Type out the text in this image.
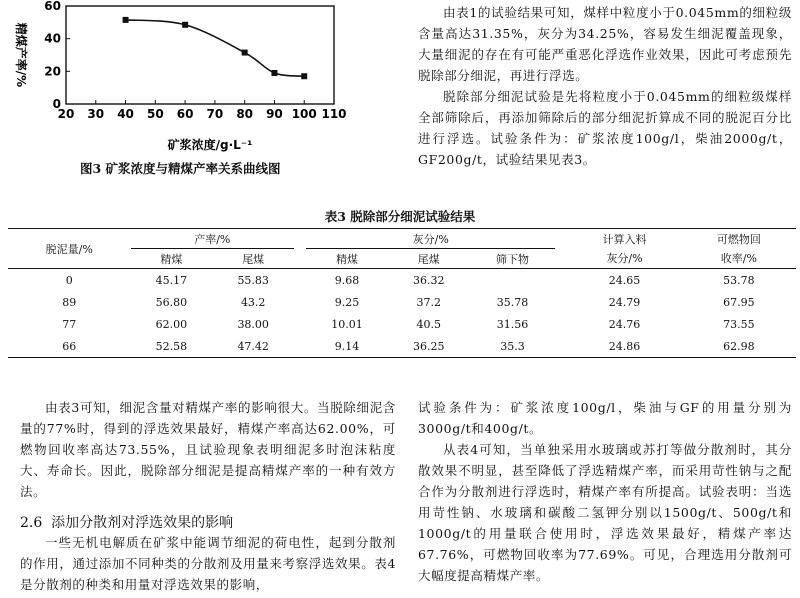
20 30 40 50 60 70 80 90 100 110
0
20
40
60
精煤产率/%
矿浆浓度/g·L⁻¹
图3 矿浆浓度与精煤产率关系曲线图
由表1的试验结果可知，煤样中粒度小于0.045mm的细粒级含量高达31.35%，灰分为34.25%，容易发生细泥覆盖现象，大量细泥的存在有可能严重恶化浮选作业效果，因此可考虑预先脱除部分细泥，再进行浮选。
脱除部分细泥试验是先将粒度小于0.045mm的细粒级煤样全部筛除后，再添加筛除后的部分细泥折算成不同的脱泥百分比进行浮选。试验条件为：矿浆浓度100g/l，柴油2000g/t，GF200g/t，试验结果见表3。
表3 脱除部分细泥试验结果
脱泥量/%	产率/%			灰分/%				计算入料	可燃物回
	精煤	尾煤		精煤	尾煤	筛下物		灰分/%	收率/%
0	45.17	55.83		9.68	36.32			24.65	53.78
89	56.80	43.2		9.25	37.2	35.78		24.79	67.95
77	62.00	38.00		10.01	40.5	31.56		24.76	73.55
66	52.58	47.42		9.14	36.25	35.3		24.86	62.98
由表3可知，细泥含量对精煤产率的影响很大。当脱除细泥含量的77%时，得到的浮选效果最好，精煤产率高达62.00%，可燃物回收率高达73.55%，且试验现象表明细泥多时泡沫粘度大、寿命长。因此，脱除部分细泥是提高精煤产率的一种有效方法。
2.6 添加分散剂对浮选效果的影响
一些无机电解质在矿浆中能调节细泥的荷电性，起到分散剂的作用，通过添加不同种类的分散剂及用量来考察浮选效果。表4是分散剂的种类和用量对浮选效果的影响，
试验条件为：矿浆浓度100g/l，柴油与GF的用量分别为3000g/t和400g/t。
从表4可知，当单独采用水玻璃或苏打等做分散剂时，其分散效果不明显，甚至降低了浮选精煤产率，而采用苛性钠与之配合作为分散剂进行浮选时，精煤产率有所提高。试验表明：当选用苛性钠、水玻璃和碳酸二氢钾分别以1500g/t、500g/t和1000g/t的用量联合使用时，浮选效果最好，精煤产率达67.76%，可燃物回收率为77.69%。可见，合理选用分散剂可大幅度提高精煤产率。
